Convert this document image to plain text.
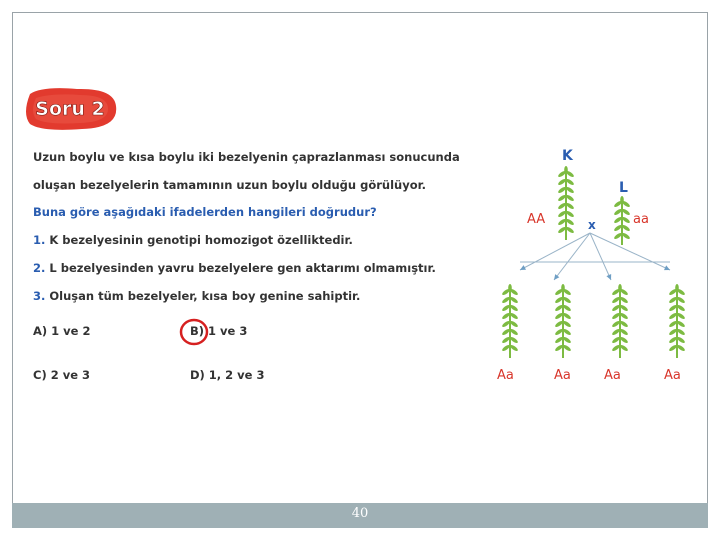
Soru 2
Uzun boylu ve kısa boylu iki bezelyenin çaprazlanması sonucunda
oluşan bezelyelerin tamamının uzun boylu olduğu görülüyor.
Buna göre aşağıdaki ifadelerden hangileri doğrudur?
1. K bezelyesinin genotipi homozigot özelliktedir.
2. L bezelyesinden yavru bezelyelere gen aktarımı olmamıştır.
3. Oluşan tüm bezelyeler, kısa boy genine sahiptir.
A) 1 ve 2	B) 1 ve 3
C) 2 ve 3	D) 1, 2 ve 3
K
L
AA	aa
x
Aa	Aa	Aa	Aa
40
